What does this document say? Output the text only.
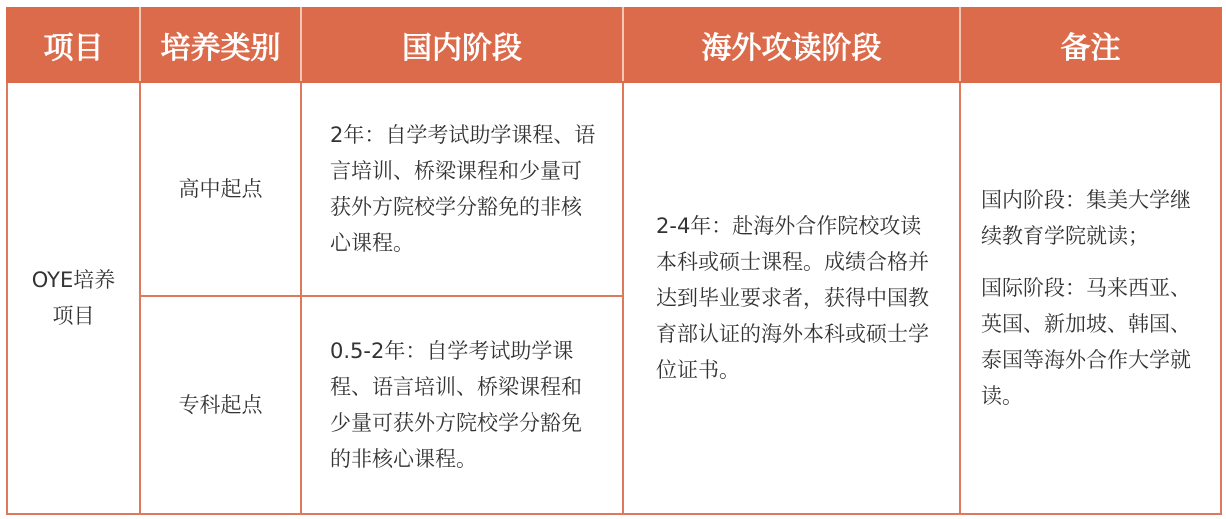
项目	培养类别	国内阶段	海外攻读阶段	备注

OYE培养项目	高中起点	2年：自学考试助学课程、语言培训、桥梁课程和少量可获外方院校学分豁免的非核心课程。	2-4年：赴海外合作院校攻读本科或硕士课程。成绩合格并达到毕业要求者，获得中国教育部认证的海外本科或硕士学位证书。	国内阶段：集美大学继续教育学院就读；

国际阶段：马来西亚、英国、新加坡、韩国、泰国等海外合作大学就读。

	专科起点	0.5-2年：自学考试助学课程、语言培训、桥梁课程和少量可获外方院校学分豁免的非核心课程。		
